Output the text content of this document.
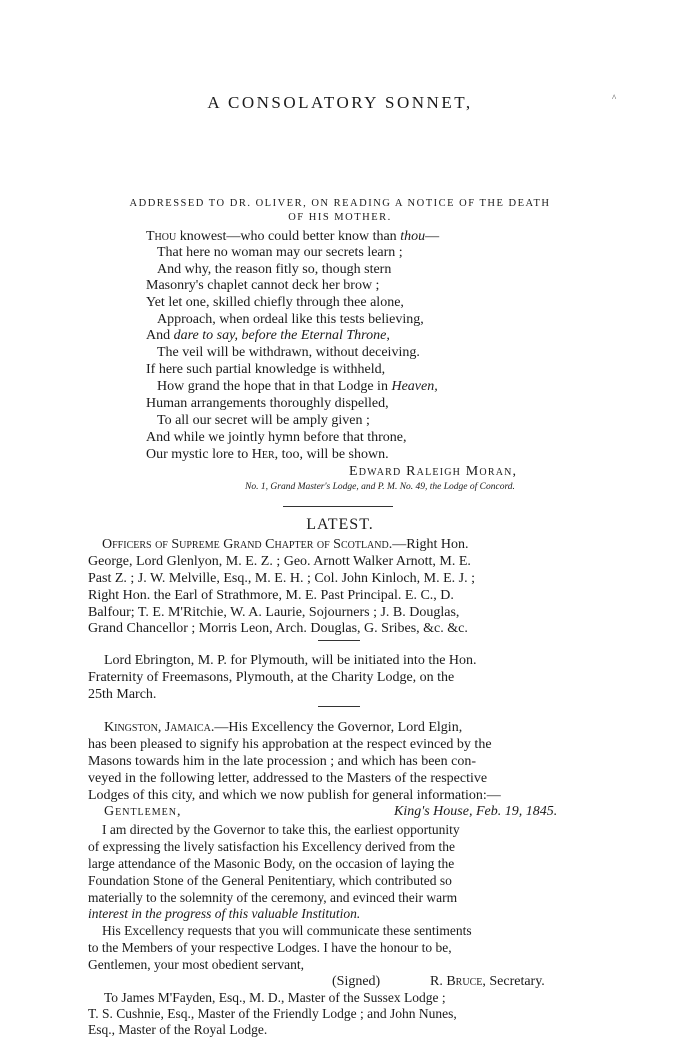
A CONSOLATORY SONNET,
ADDRESSED TO DR. OLIVER, ON READING A NOTICE OF THE DEATH
OF HIS MOTHER.
Thou knowest—who could better know than thou—
That here no woman may our secrets learn ;
And why, the reason fitly so, though stern
Masonry's chaplet cannot deck her brow ;
Yet let one, skilled chiefly through thee alone,
Approach, when ordeal like this tests believing,
And dare to say, before the Eternal Throne,
The veil will be withdrawn, without deceiving.
If here such partial knowledge is withheld,
How grand the hope that in that Lodge in Heaven,
Human arrangements thoroughly dispelled,
To all our secret will be amply given ;
And while we jointly hymn before that throne,
Our mystic lore to Her, too, will be shown.
^
Edward Raleigh Moran,
No. 1, Grand Master's Lodge, and P. M. No. 49, the Lodge of Concord.
LATEST.
Officers of Supreme Grand Chapter of Scotland.—Right Hon.
George, Lord Glenlyon, M. E. Z. ; Geo. Arnott Walker Arnott, M. E.
Past Z. ; J. W. Melville, Esq., M. E. H. ; Col. John Kinloch, M. E. J. ;
Right Hon. the Earl of Strathmore, M. E. Past Principal. E. C., D.
Balfour; T. E. M'Ritchie, W. A. Laurie, Sojourners ; J. B. Douglas,
Grand Chancellor ; Morris Leon, Arch. Douglas, G. Sribes, &c. &c.
Lord Ebrington, M. P. for Plymouth, will be initiated into the Hon.
Fraternity of Freemasons, Plymouth, at the Charity Lodge, on the
25th March.
Kingston, Jamaica.—His Excellency the Governor, Lord Elgin,
has been pleased to signify his approbation at the respect evinced by the
Masons towards him in the late procession ; and which has been con-
veyed in the following letter, addressed to the Masters of the respective
Lodges of this city, and which we now publish for general information:—
Gentlemen,	King's House, Feb. 19, 1845.
I am directed by the Governor to take this, the earliest opportunity
of expressing the lively satisfaction his Excellency derived from the
large attendance of the Masonic Body, on the occasion of laying the
Foundation Stone of the General Penitentiary, which contributed so
materially to the solemnity of the ceremony, and evinced their warm
interest in the progress of this valuable Institution.
His Excellency requests that you will communicate these sentiments
to the Members of your respective Lodges. I have the honour to be,
Gentlemen, your most obedient servant,
(Signed)	R. Bruce, Secretary.
To James M'Fayden, Esq., M. D., Master of the Sussex Lodge ;
T. S. Cushnie, Esq., Master of the Friendly Lodge ; and John Nunes,
Esq., Master of the Royal Lodge.
